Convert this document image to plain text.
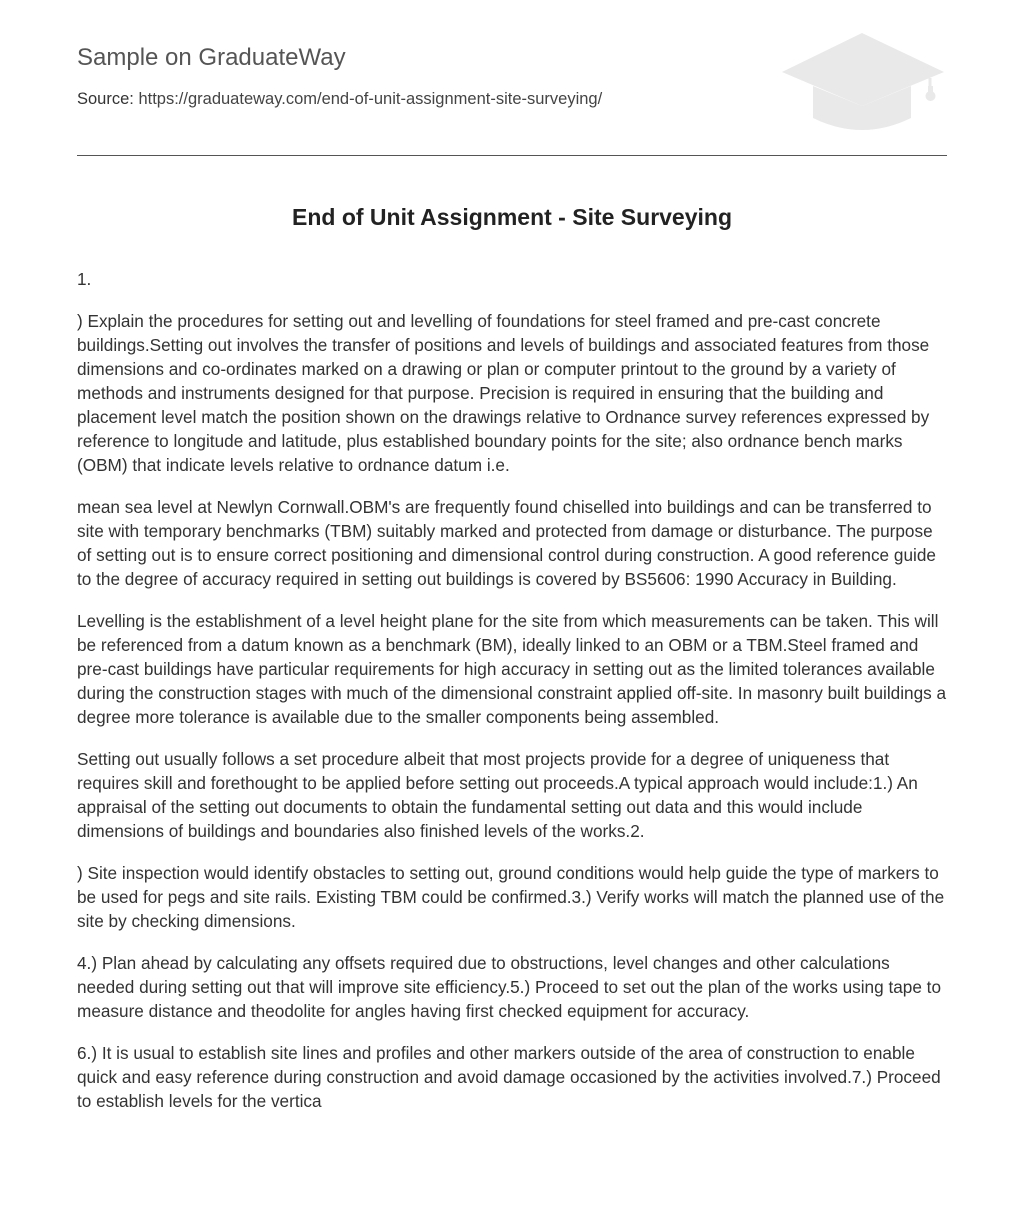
Sample on GraduateWay
Source: https://graduateway.com/end-of-unit-assignment-site-surveying/
End of Unit Assignment - Site Surveying

1.

) Explain the procedures for setting out and levelling of foundations for steel framed and pre-cast concrete buildings.Setting out involves the transfer of positions and levels of buildings and associated features from those dimensions and co-ordinates marked on a drawing or plan or computer printout to the ground by a variety of methods and instruments designed for that purpose. Precision is required in ensuring that the building and placement level match the position shown on the drawings relative to Ordnance survey references expressed by reference to longitude and latitude, plus established boundary points for the site; also ordnance bench marks (OBM) that indicate levels relative to ordnance datum i.e.

mean sea level at Newlyn Cornwall.OBM's are frequently found chiselled into buildings and can be transferred to site with temporary benchmarks (TBM) suitably marked and protected from damage or disturbance. The purpose of setting out is to ensure correct positioning and dimensional control during construction. A good reference guide to the degree of accuracy required in setting out buildings is covered by BS5606: 1990 Accuracy in Building.

Levelling is the establishment of a level height plane for the site from which measurements can be taken. This will be referenced from a datum known as a benchmark (BM), ideally linked to an OBM or a TBM.Steel framed and pre-cast buildings have particular requirements for high accuracy in setting out as the limited tolerances available during the construction stages with much of the dimensional constraint applied off-site. In masonry built buildings a degree more tolerance is available due to the smaller components being assembled.

Setting out usually follows a set procedure albeit that most projects provide for a degree of uniqueness that requires skill and forethought to be applied before setting out proceeds.A typical approach would include:1.) An appraisal of the setting out documents to obtain the fundamental setting out data and this would include dimensions of buildings and boundaries also finished levels of the works.2.

) Site inspection would identify obstacles to setting out, ground conditions would help guide the type of markers to be used for pegs and site rails. Existing TBM could be confirmed.3.) Verify works will match the planned use of the site by checking dimensions.

4.) Plan ahead by calculating any offsets required due to obstructions, level changes and other calculations needed during setting out that will improve site efficiency.5.) Proceed to set out the plan of the works using tape to measure distance and theodolite for angles having first checked equipment for accuracy.

6.) It is usual to establish site lines and profiles and other markers outside of the area of construction to enable quick and easy reference during construction and avoid damage occasioned by the activities involved.7.) Proceed to establish levels for the vertica
